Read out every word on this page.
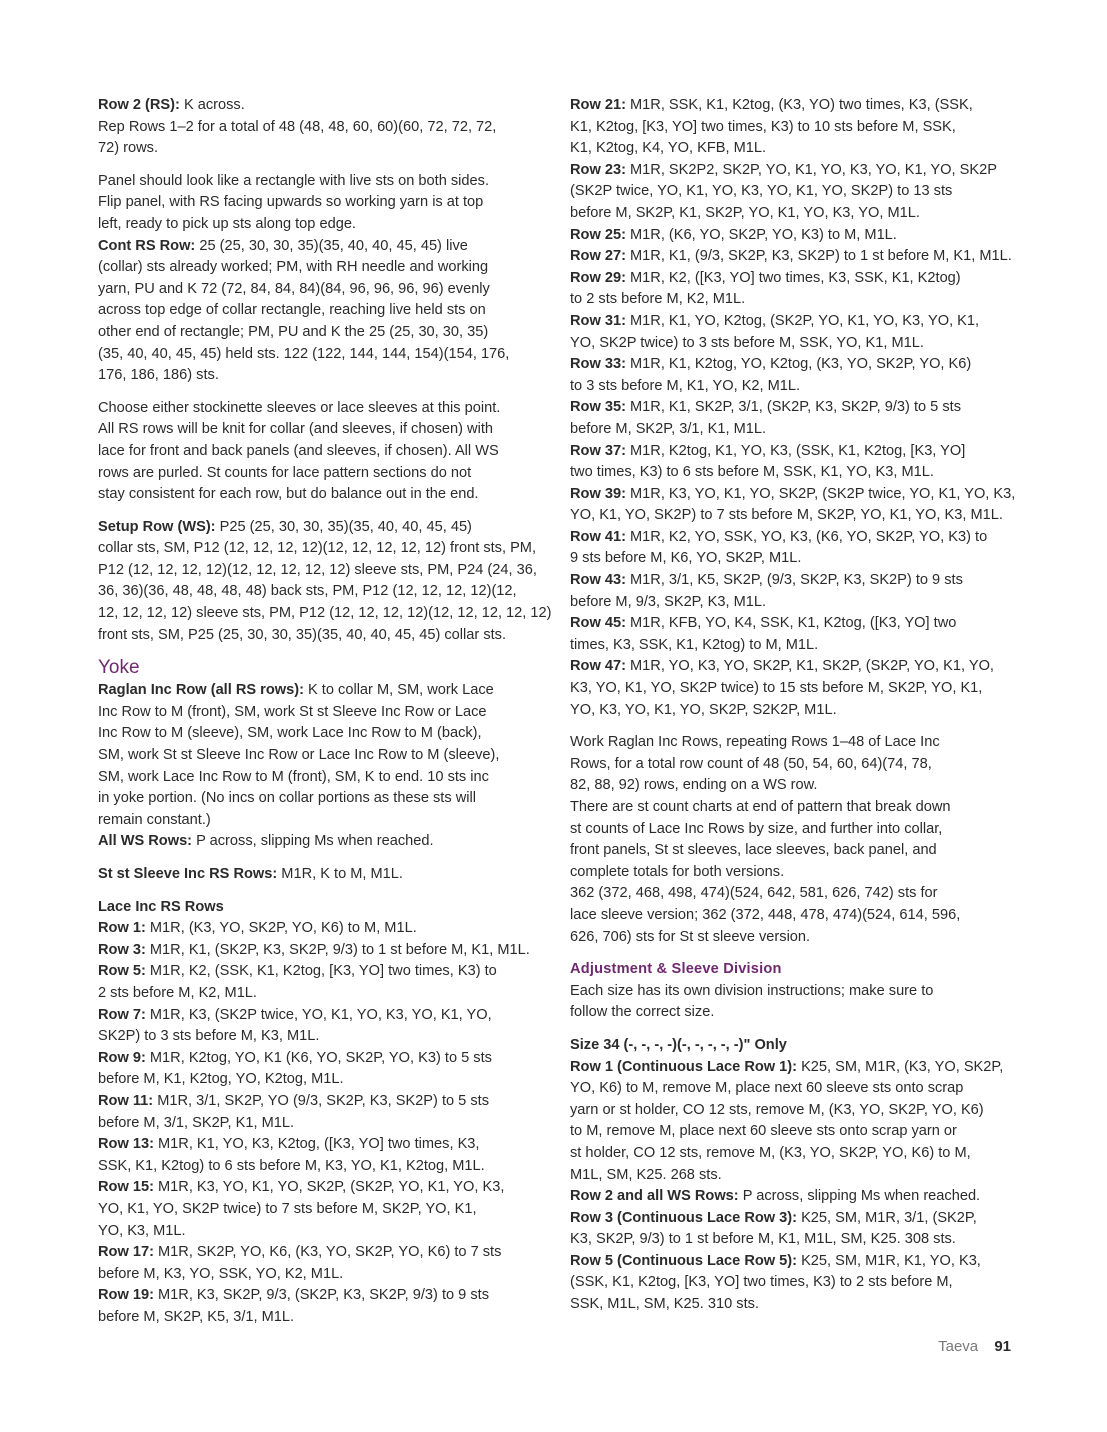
Row 2 (RS): K across.
Rep Rows 1–2 for a total of 48 (48, 48, 60, 60)(60, 72, 72, 72,
72) rows.
Panel should look like a rectangle with live sts on both sides.
Flip panel, with RS facing upwards so working yarn is at top
left, ready to pick up sts along top edge.
Cont RS Row: 25 (25, 30, 30, 35)(35, 40, 40, 45, 45) live
(collar) sts already worked; PM, with RH needle and working
yarn, PU and K 72 (72, 84, 84, 84)(84, 96, 96, 96, 96) evenly
across top edge of collar rectangle, reaching live held sts on
other end of rectangle; PM, PU and K the 25 (25, 30, 30, 35)
(35, 40, 40, 45, 45) held sts. 122 (122, 144, 144, 154)(154, 176,
176, 186, 186) sts.
Choose either stockinette sleeves or lace sleeves at this point.
All RS rows will be knit for collar (and sleeves, if chosen) with
lace for front and back panels (and sleeves, if chosen). All WS
rows are purled. St counts for lace pattern sections do not
stay consistent for each row, but do balance out in the end.
Setup Row (WS): P25 (25, 30, 30, 35)(35, 40, 40, 45, 45)
collar sts, SM, P12 (12, 12, 12, 12)(12, 12, 12, 12, 12) front sts, PM,
P12 (12, 12, 12, 12)(12, 12, 12, 12, 12) sleeve sts, PM, P24 (24, 36,
36, 36)(36, 48, 48, 48, 48) back sts, PM, P12 (12, 12, 12, 12)(12,
12, 12, 12, 12) sleeve sts, PM, P12 (12, 12, 12, 12)(12, 12, 12, 12, 12)
front sts, SM, P25 (25, 30, 30, 35)(35, 40, 40, 45, 45) collar sts.
Yoke
Raglan Inc Row (all RS rows): K to collar M, SM, work Lace
Inc Row to M (front), SM, work St st Sleeve Inc Row or Lace
Inc Row to M (sleeve), SM, work Lace Inc Row to M (back),
SM, work St st Sleeve Inc Row or Lace Inc Row to M (sleeve),
SM, work Lace Inc Row to M (front), SM, K to end. 10 sts inc
in yoke portion. (No incs on collar portions as these sts will
remain constant.)
All WS Rows: P across, slipping Ms when reached.
St st Sleeve Inc RS Rows: M1R, K to M, M1L.
Lace Inc RS Rows
Row 1: M1R, (K3, YO, SK2P, YO, K6) to M, M1L.
Row 3: M1R, K1, (SK2P, K3, SK2P, 9/3) to 1 st before M, K1, M1L.
Row 5: M1R, K2, (SSK, K1, K2tog, [K3, YO] two times, K3) to
2 sts before M, K2, M1L.
Row 7: M1R, K3, (SK2P twice, YO, K1, YO, K3, YO, K1, YO,
SK2P) to 3 sts before M, K3, M1L.
Row 9: M1R, K2tog, YO, K1 (K6, YO, SK2P, YO, K3) to 5 sts
before M, K1, K2tog, YO, K2tog, M1L.
Row 11: M1R, 3/1, SK2P, YO (9/3, SK2P, K3, SK2P) to 5 sts
before M, 3/1, SK2P, K1, M1L.
Row 13: M1R, K1, YO, K3, K2tog, ([K3, YO] two times, K3,
SSK, K1, K2tog) to 6 sts before M, K3, YO, K1, K2tog, M1L.
Row 15: M1R, K3, YO, K1, YO, SK2P, (SK2P, YO, K1, YO, K3,
YO, K1, YO, SK2P twice) to 7 sts before M, SK2P, YO, K1,
YO, K3, M1L.
Row 17: M1R, SK2P, YO, K6, (K3, YO, SK2P, YO, K6) to 7 sts
before M, K3, YO, SSK, YO, K2, M1L.
Row 19: M1R, K3, SK2P, 9/3, (SK2P, K3, SK2P, 9/3) to 9 sts
before M, SK2P, K5, 3/1, M1L.
Row 21: M1R, SSK, K1, K2tog, (K3, YO) two times, K3, (SSK,
K1, K2tog, [K3, YO] two times, K3) to 10 sts before M, SSK,
K1, K2tog, K4, YO, KFB, M1L.
Row 23: M1R, SK2P2, SK2P, YO, K1, YO, K3, YO, K1, YO, SK2P
(SK2P twice, YO, K1, YO, K3, YO, K1, YO, SK2P) to 13 sts
before M, SK2P, K1, SK2P, YO, K1, YO, K3, YO, M1L.
Row 25: M1R, (K6, YO, SK2P, YO, K3) to M, M1L.
Row 27: M1R, K1, (9/3, SK2P, K3, SK2P) to 1 st before M, K1, M1L.
Row 29: M1R, K2, ([K3, YO] two times, K3, SSK, K1, K2tog)
to 2 sts before M, K2, M1L.
Row 31: M1R, K1, YO, K2tog, (SK2P, YO, K1, YO, K3, YO, K1,
YO, SK2P twice) to 3 sts before M, SSK, YO, K1, M1L.
Row 33: M1R, K1, K2tog, YO, K2tog, (K3, YO, SK2P, YO, K6)
to 3 sts before M, K1, YO, K2, M1L.
Row 35: M1R, K1, SK2P, 3/1, (SK2P, K3, SK2P, 9/3) to 5 sts
before M, SK2P, 3/1, K1, M1L.
Row 37: M1R, K2tog, K1, YO, K3, (SSK, K1, K2tog, [K3, YO]
two times, K3) to 6 sts before M, SSK, K1, YO, K3, M1L.
Row 39: M1R, K3, YO, K1, YO, SK2P, (SK2P twice, YO, K1, YO, K3,
YO, K1, YO, SK2P) to 7 sts before M, SK2P, YO, K1, YO, K3, M1L.
Row 41: M1R, K2, YO, SSK, YO, K3, (K6, YO, SK2P, YO, K3) to
9 sts before M, K6, YO, SK2P, M1L.
Row 43: M1R, 3/1, K5, SK2P, (9/3, SK2P, K3, SK2P) to 9 sts
before M, 9/3, SK2P, K3, M1L.
Row 45: M1R, KFB, YO, K4, SSK, K1, K2tog, ([K3, YO] two
times, K3, SSK, K1, K2tog) to M, M1L.
Row 47: M1R, YO, K3, YO, SK2P, K1, SK2P, (SK2P, YO, K1, YO,
K3, YO, K1, YO, SK2P twice) to 15 sts before M, SK2P, YO, K1,
YO, K3, YO, K1, YO, SK2P, S2K2P, M1L.
Work Raglan Inc Rows, repeating Rows 1–48 of Lace Inc
Rows, for a total row count of 48 (50, 54, 60, 64)(74, 78,
82, 88, 92) rows, ending on a WS row.
There are st count charts at end of pattern that break down
st counts of Lace Inc Rows by size, and further into collar,
front panels, St st sleeves, lace sleeves, back panel, and
complete totals for both versions.
362 (372, 468, 498, 474)(524, 642, 581, 626, 742) sts for
lace sleeve version; 362 (372, 448, 478, 474)(524, 614, 596,
626, 706) sts for St st sleeve version.
Adjustment & Sleeve Division
Each size has its own division instructions; make sure to
follow the correct size.
Size 34 (-, -, -, -)(-, -, -, -, -)" Only
Row 1 (Continuous Lace Row 1): K25, SM, M1R, (K3, YO, SK2P,
YO, K6) to M, remove M, place next 60 sleeve sts onto scrap
yarn or st holder, CO 12 sts, remove M, (K3, YO, SK2P, YO, K6)
to M, remove M, place next 60 sleeve sts onto scrap yarn or
st holder, CO 12 sts, remove M, (K3, YO, SK2P, YO, K6) to M,
M1L, SM, K25. 268 sts.
Row 2 and all WS Rows: P across, slipping Ms when reached.
Row 3 (Continuous Lace Row 3): K25, SM, M1R, 3/1, (SK2P,
K3, SK2P, 9/3) to 1 st before M, K1, M1L, SM, K25. 308 sts.
Row 5 (Continuous Lace Row 5): K25, SM, M1R, K1, YO, K3,
(SSK, K1, K2tog, [K3, YO] two times, K3) to 2 sts before M,
SSK, M1L, SM, K25. 310 sts.
Taeva 91
